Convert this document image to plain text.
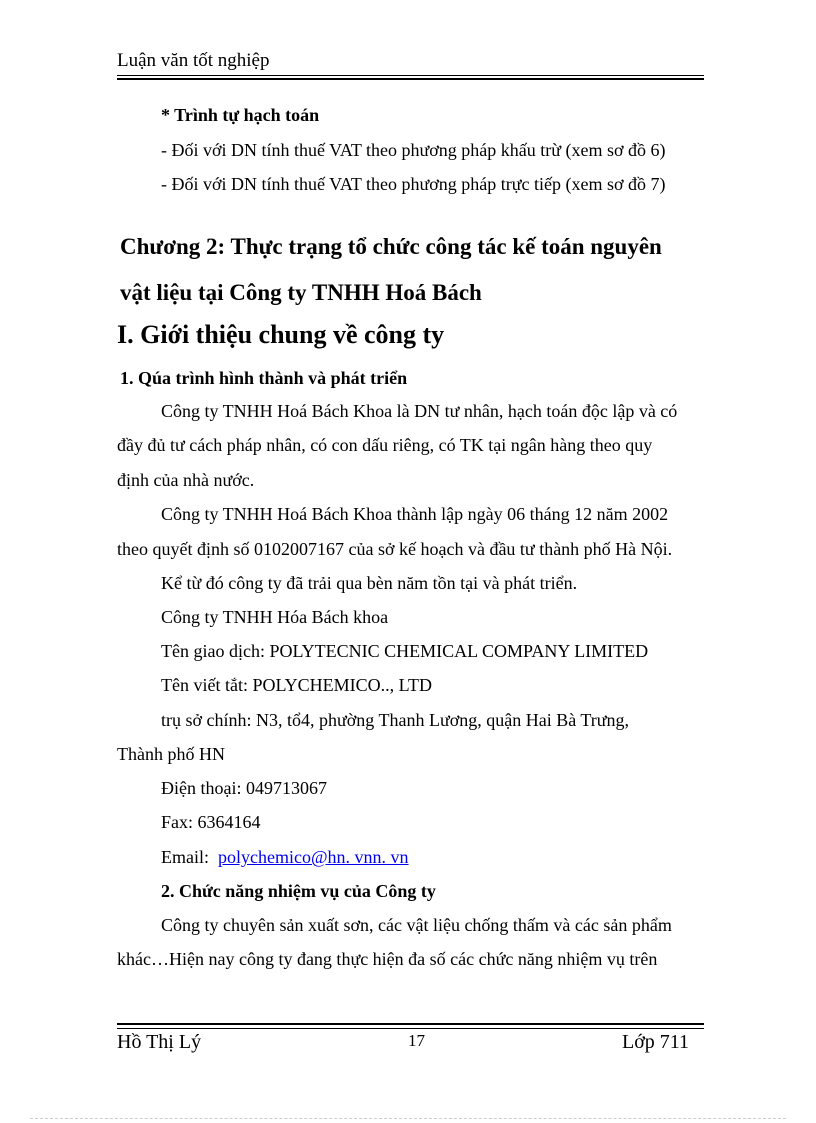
Luận văn tốt nghiệp
* Trình tự hạch toán
- Đối với DN tính thuế VAT theo phương pháp khấu trừ (xem sơ đồ 6)
- Đối với DN tính thuế VAT theo phương pháp trực tiếp (xem sơ đồ 7)
Chương 2: Thực trạng tổ chức công tác kế toán nguyên
vật liệu tại Công ty TNHH Hoá Bách
I. Giới thiệu chung về công ty
1. Qúa trình hình thành và phát triển
Công ty TNHH Hoá Bách Khoa là DN tư nhân, hạch toán độc lập và có
đầy đủ tư cách pháp nhân, có con dấu riêng, có TK tại ngân hàng theo quy
định của nhà nước.
Công ty TNHH Hoá Bách Khoa thành lập ngày 06 tháng 12 năm 2002
theo quyết định số 0102007167 của sở kế hoạch và đầu tư thành phố Hà Nội.
Kể từ đó công ty đã trải qua bèn năm tồn tại và phát triển.
Công ty TNHH Hóa Bách khoa
Tên giao dịch: POLYTECNIC CHEMICAL COMPANY LIMITED
Tên viết tắt: POLYCHEMICO.., LTD
trụ sở chính: N3, tổ4, phường Thanh Lương, quận Hai Bà Trưng,
Thành phố HN
Điện thoại: 049713067
Fax: 6364164
Email: polychemico@hn. vnn. vn
2. Chức năng nhiệm vụ của Công ty
Công ty chuyên sản xuất sơn, các vật liệu chống thấm và các sản phẩm
khác…Hiện nay công ty đang thực hiện đa số các chức năng nhiệm vụ trên
Hồ Thị Lý	17	Lớp 711
